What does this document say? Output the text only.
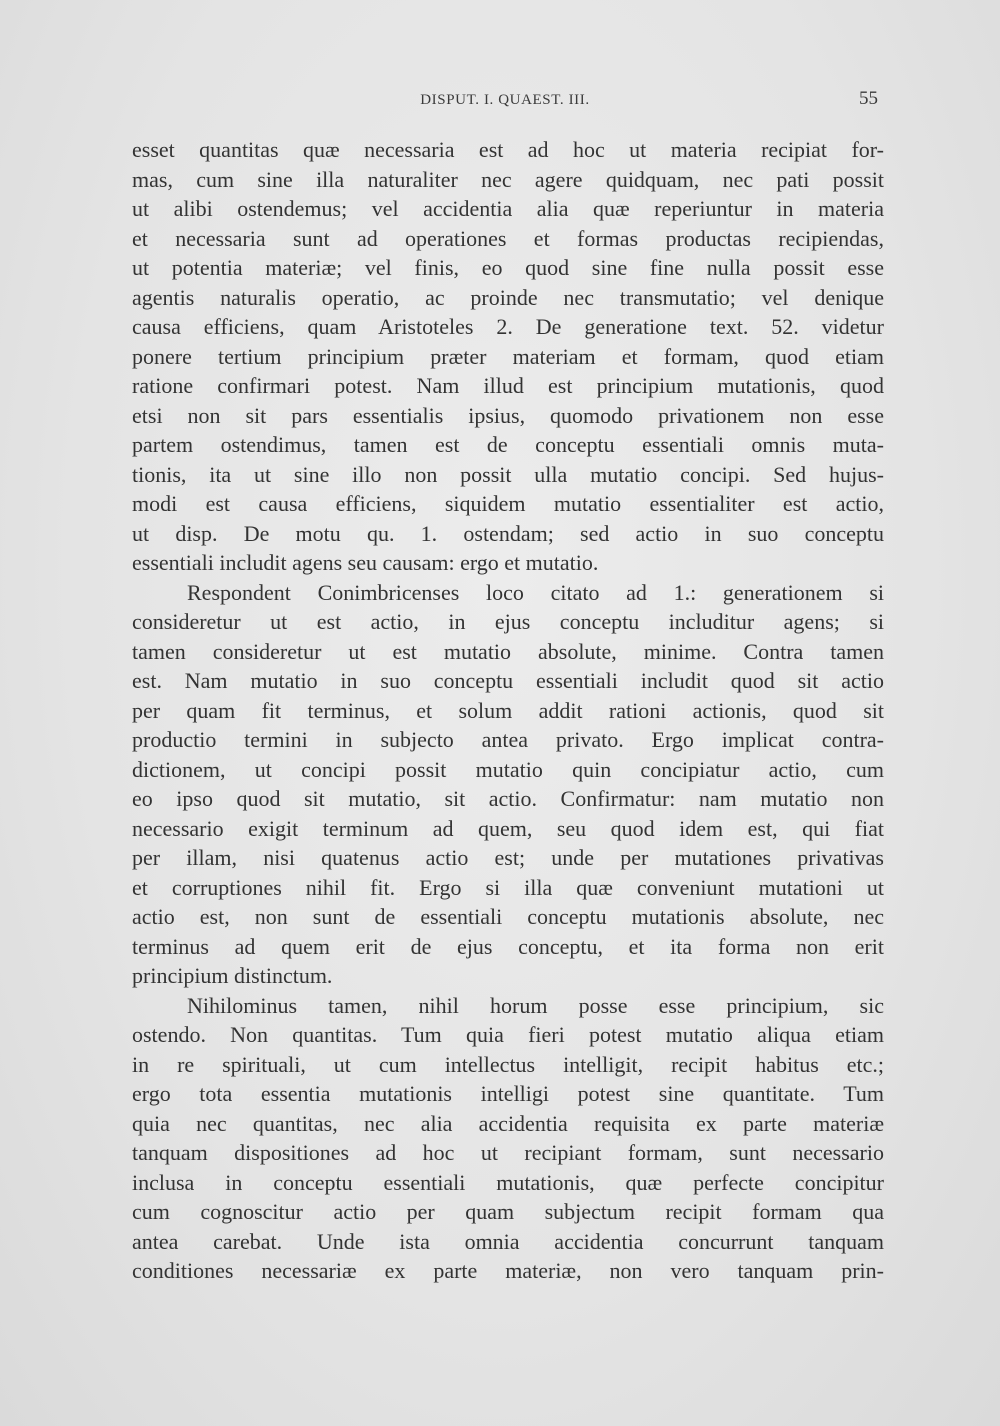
DISPUT. I. QUAEST. III.	55
esset quantitas quæ necessaria est ad hoc ut materia recipiat for-
mas, cum sine illa naturaliter nec agere quidquam, nec pati possit
ut alibi ostendemus; vel accidentia alia quæ reperiuntur in materia
et necessaria sunt ad operationes et formas productas recipiendas,
ut potentia materiæ; vel finis, eo quod sine fine nulla possit esse
agentis naturalis operatio, ac proinde nec transmutatio; vel denique
causa efficiens, quam Aristoteles 2. De generatione text. 52. videtur
ponere tertium principium præter materiam et formam, quod etiam
ratione confirmari potest. Nam illud est principium mutationis, quod
etsi non sit pars essentialis ipsius, quomodo privationem non esse
partem ostendimus, tamen est de conceptu essentiali omnis muta-
tionis, ita ut sine illo non possit ulla mutatio concipi. Sed hujus-
modi est causa efficiens, siquidem mutatio essentialiter est actio,
ut disp. De motu qu. 1. ostendam; sed actio in suo conceptu
essentiali includit agens seu causam: ergo et mutatio.
Respondent Conimbricenses loco citato ad 1.: generationem si
consideretur ut est actio, in ejus conceptu includitur agens; si
tamen consideretur ut est mutatio absolute, minime. Contra tamen
est. Nam mutatio in suo conceptu essentiali includit quod sit actio
per quam fit terminus, et solum addit rationi actionis, quod sit
productio termini in subjecto antea privato. Ergo implicat contra-
dictionem, ut concipi possit mutatio quin concipiatur actio, cum
eo ipso quod sit mutatio, sit actio. Confirmatur: nam mutatio non
necessario exigit terminum ad quem, seu quod idem est, qui fiat
per illam, nisi quatenus actio est; unde per mutationes privativas
et corruptiones nihil fit. Ergo si illa quæ conveniunt mutationi ut
actio est, non sunt de essentiali conceptu mutationis absolute, nec
terminus ad quem erit de ejus conceptu, et ita forma non erit
principium distinctum.
Nihilominus tamen, nihil horum posse esse principium, sic
ostendo. Non quantitas. Tum quia fieri potest mutatio aliqua etiam
in re spirituali, ut cum intellectus intelligit, recipit habitus etc.;
ergo tota essentia mutationis intelligi potest sine quantitate. Tum
quia nec quantitas, nec alia accidentia requisita ex parte materiæ
tanquam dispositiones ad hoc ut recipiant formam, sunt necessario
inclusa in conceptu essentiali mutationis, quæ perfecte concipitur
cum cognoscitur actio per quam subjectum recipit formam qua
antea carebat. Unde ista omnia accidentia concurrunt tanquam
conditiones necessariæ ex parte materiæ, non vero tanquam prin-
